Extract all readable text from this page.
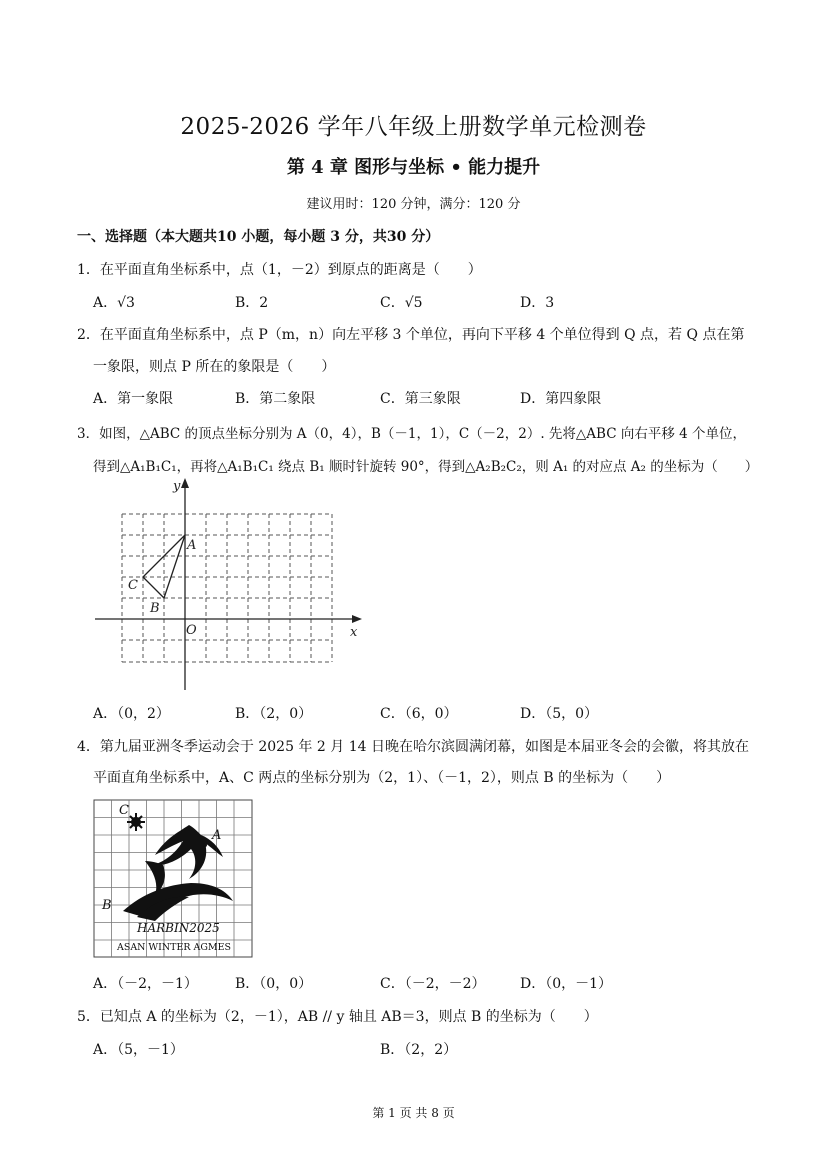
2025-2026 学年八年级上册数学单元检测卷
第 4 章 图形与坐标 • 能力提升
建议用时：120 分钟，满分：120 分
一、选择题（本大题共10 小题，每小题 3 分，共30 分）
1．在平面直角坐标系中，点（1，－2）到原点的距离是（　　）
A．√3	B．2	C．√5	D．3
2．在平面直角坐标系中，点 P（m，n）向左平移 3 个单位，再向下平移 4 个单位得到 Q 点，若 Q 点在第
一象限，则点 P 所在的象限是（　　）
A．第一象限	B．第二象限	C．第三象限	D．第四象限
3．如图，△ABC 的顶点坐标分别为 A（0，4），B（－1，1），C（－2，2）. 先将△ABC 向右平移 4 个单位，
得到△A₁B₁C₁，再将△A₁B₁C₁ 绕点 B₁ 顺时针旋转 90°，得到△A₂B₂C₂，则 A₁ 的对应点 A₂ 的坐标为（　　）
y
x
O
A
B
C
A．（0，2）	B．（2，0）	C．（6，0）	D．（5，0）
4．第九届亚洲冬季运动会于 2025 年 2 月 14 日晚在哈尔滨圆满闭幕，如图是本届亚冬会的会徽，将其放在
平面直角坐标系中，A、C 两点的坐标分别为（2，1）、（－1，2），则点 B 的坐标为（　　）
C
A
B
HARBIN2025
ASAN WINTER AGMES
A．（－2，－1）	B．（0，0）	C．（－2，－2） D．（0，－1）
5．已知点 A 的坐标为（2，－1），AB // y 轴且 AB＝3，则点 B 的坐标为（　　）
A．（5，－1）	B．（2，2）
第 1 页 共 8 页
